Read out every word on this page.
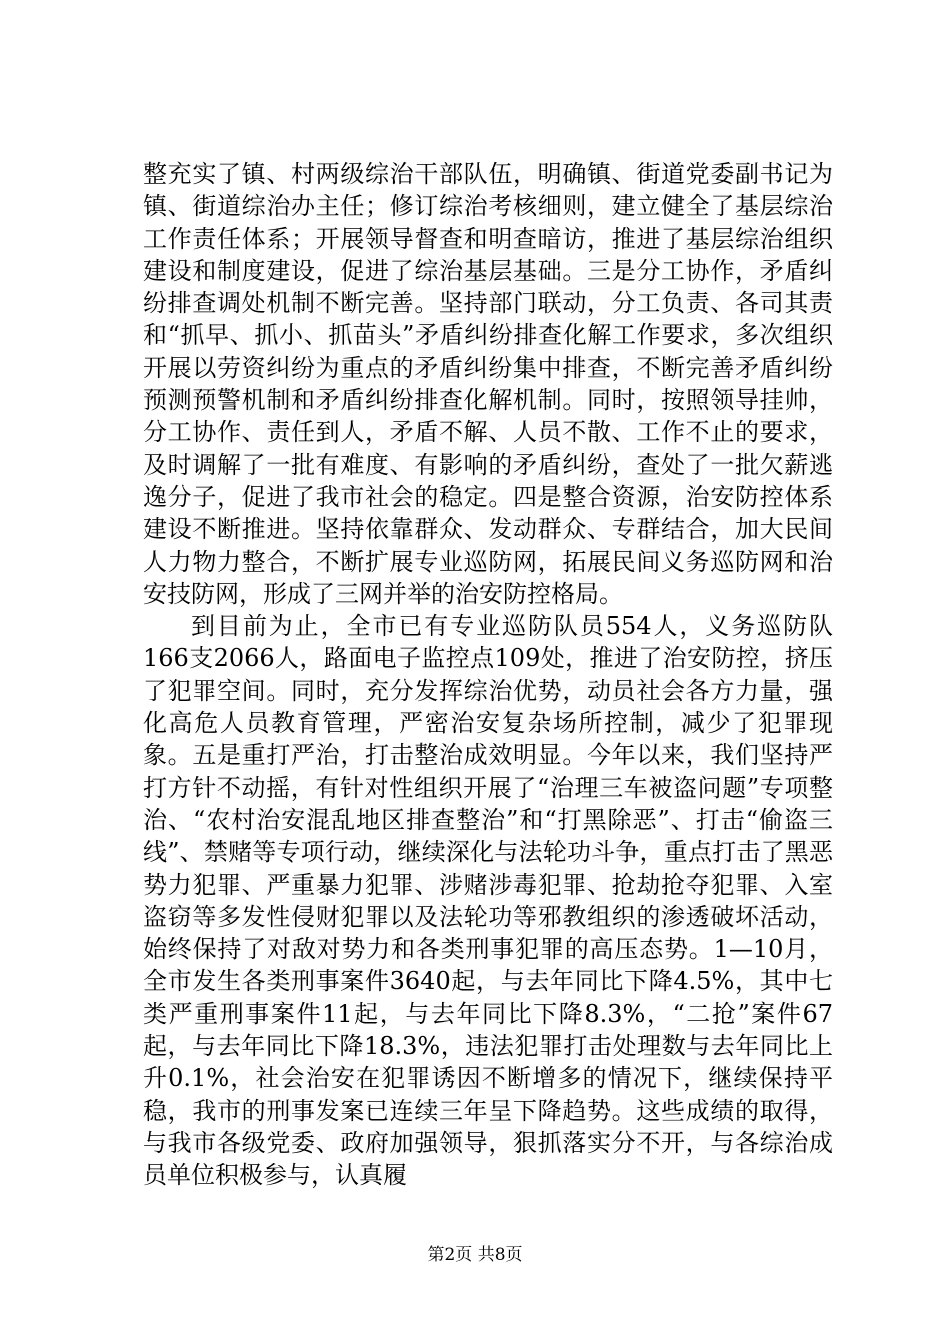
整充实了镇、村两级综治干部队伍，明确镇、街道党委副书记为镇、街道综治办主任；修订综治考核细则，建立健全了基层综治工作责任体系；开展领导督查和明查暗访，推进了基层综治组织建设和制度建设，促进了综治基层基础。三是分工协作，矛盾纠纷排查调处机制不断完善。坚持部门联动，分工负责、各司其责和“抓早、抓小、抓苗头”矛盾纠纷排查化解工作要求，多次组织开展以劳资纠纷为重点的矛盾纠纷集中排查，不断完善矛盾纠纷预测预警机制和矛盾纠纷排查化解机制。同时，按照领导挂帅，分工协作、责任到人，矛盾不解、人员不散、工作不止的要求，及时调解了一批有难度、有影响的矛盾纠纷，查处了一批欠薪逃逸分子，促进了我市社会的稳定。四是整合资源，治安防控体系建设不断推进。坚持依靠群众、发动群众、专群结合，加大民间人力物力整合，不断扩展专业巡防网，拓展民间义务巡防网和治安技防网，形成了三网并举的治安防控格局。

到目前为止，全市已有专业巡防队员554人，义务巡防队166支2066人，路面电子监控点109处，推进了治安防控，挤压了犯罪空间。同时，充分发挥综治优势，动员社会各方力量，强化高危人员教育管理，严密治安复杂场所控制，减少了犯罪现象。五是重打严治，打击整治成效明显。今年以来，我们坚持严打方针不动摇，有针对性组织开展了“治理三车被盗问题”专项整治、“农村治安混乱地区排查整治”和“打黑除恶”、打击“偷盗三线”、禁赌等专项行动，继续深化与法轮功斗争，重点打击了黑恶势力犯罪、严重暴力犯罪、涉赌涉毒犯罪、抢劫抢夺犯罪、入室盗窃等多发性侵财犯罪以及法轮功等邪教组织的渗透破坏活动，始终保持了对敌对势力和各类刑事犯罪的高压态势。1—10月，全市发生各类刑事案件3640起，与去年同比下降4.5%，其中七类严重刑事案件11起，与去年同比下降8.3%，“二抢”案件67起，与去年同比下降18.3%，违法犯罪打击处理数与去年同比上升0.1%，社会治安在犯罪诱因不断增多的情况下，继续保持平稳，我市的刑事发案已连续三年呈下降趋势。这些成绩的取得，与我市各级党委、政府加强领导，狠抓落实分不开，与各综治成员单位积极参与，认真履

第2页 共8页
